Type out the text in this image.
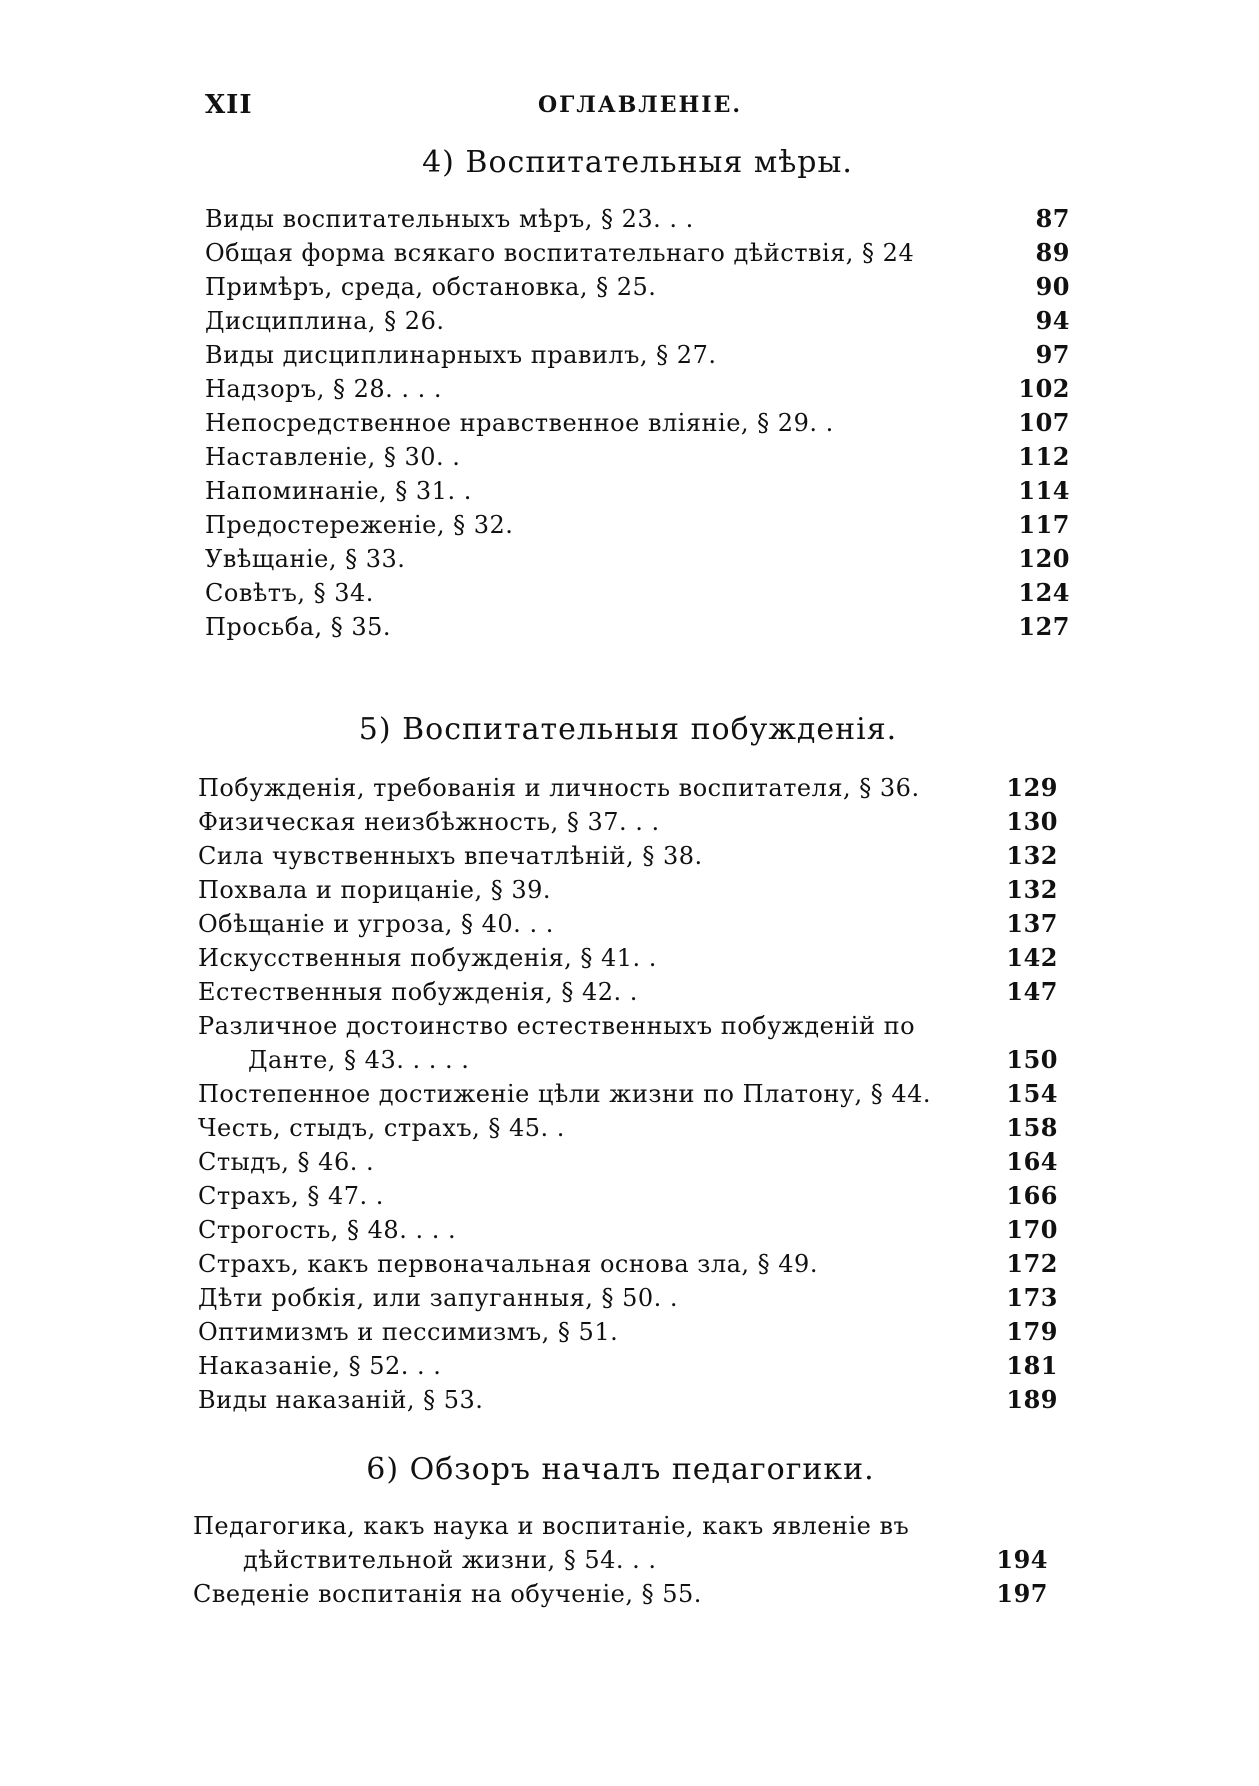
XII	ОГЛАВЛЕНІЕ.
4) Воспитательныя мѣры.
Виды воспитательныхъ мѣръ, § 23. . .	87
Общая форма всякаго воспитательнаго дѣйствія, § 24	89
Примѣръ, среда, обстановка, § 25.	90
Дисциплина, § 26.	94
Виды дисциплинарныхъ правилъ, § 27.	97
Надзоръ, § 28. . . .	102
Непосредственное нравственное вліяніе, § 29. .	107
Наставленіе, § 30. .	112
Напоминаніе, § 31. .	114
Предостереженіе, § 32.	117
Увѣщаніе, § 33.	120
Совѣтъ, § 34.	124
Просьба, § 35.	127
5) Воспитательныя побужденія.
Побужденія, требованія и личность воспитателя, § 36.	129
Физическая неизбѣжность, § 37. . .	130
Сила чувственныхъ впечатлѣній, § 38.	132
Похвала и порицаніе, § 39.	132
Обѣщаніе и угроза, § 40. . .	137
Искусственныя побужденія, § 41. .	142
Естественныя побужденія, § 42. .	147
Различное достоинство естественныхъ побужденій по
Данте, § 43. . . . .	150
Постепенное достиженіе цѣли жизни по Платону, § 44.	154
Честь, стыдъ, страхъ, § 45. .	158
Стыдъ, § 46. .	164
Страхъ, § 47. .	166
Строгость, § 48. . . .	170
Страхъ, какъ первоначальная основа зла, § 49.	172
Дѣти робкія, или запуганныя, § 50. .	173
Оптимизмъ и пессимизмъ, § 51.	179
Наказаніе, § 52. . .	181
Виды наказаній, § 53.	189
6) Обзоръ началъ педагогики.
Педагогика, какъ наука и воспитаніе, какъ явленіе въ
дѣйствительной жизни, § 54. . .	194
Сведеніе воспитанія на обученіе, § 55.	197
